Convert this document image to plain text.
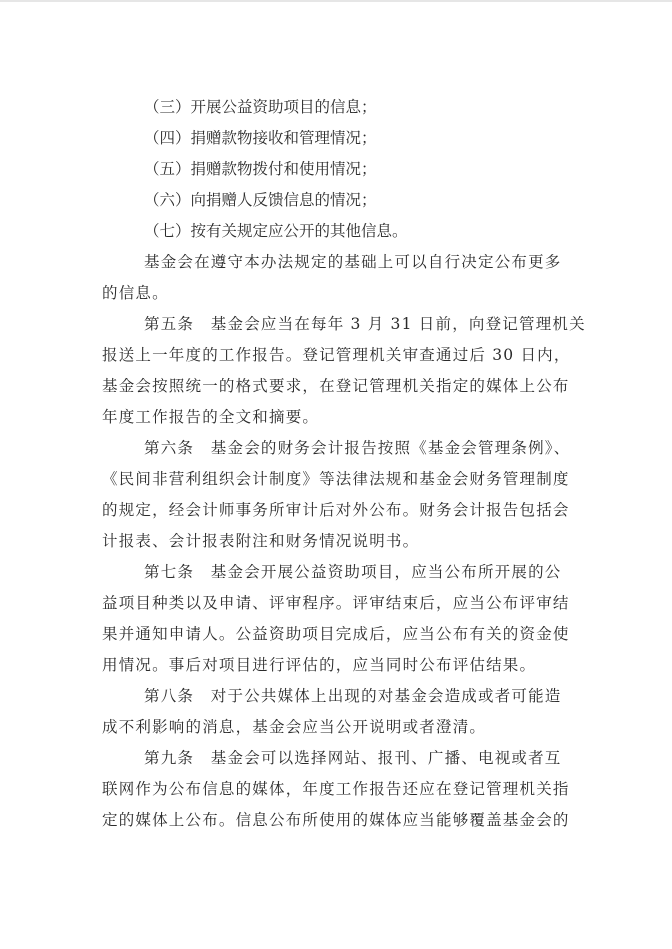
（三）开展公益资助项目的信息；
（四）捐赠款物接收和管理情况；
（五）捐赠款物拨付和使用情况；
（六）向捐赠人反馈信息的情况；
（七）按有关规定应公开的其他信息。
基金会在遵守本办法规定的基础上可以自行决定公布更多
的信息。
第五条　基金会应当在每年 3 月 31 日前，向登记管理机关
报送上一年度的工作报告。登记管理机关审查通过后 30 日内，
基金会按照统一的格式要求，在登记管理机关指定的媒体上公布
年度工作报告的全文和摘要。
第六条　基金会的财务会计报告按照《基金会管理条例》、
《民间非营利组织会计制度》等法律法规和基金会财务管理制度
的规定，经会计师事务所审计后对外公布。财务会计报告包括会
计报表、会计报表附注和财务情况说明书。
第七条　基金会开展公益资助项目，应当公布所开展的公
益项目种类以及申请、评审程序。评审结束后，应当公布评审结
果并通知申请人。公益资助项目完成后，应当公布有关的资金使
用情况。事后对项目进行评估的，应当同时公布评估结果。
第八条　对于公共媒体上出现的对基金会造成或者可能造
成不利影响的消息，基金会应当公开说明或者澄清。
第九条　基金会可以选择网站、报刊、广播、电视或者互
联网作为公布信息的媒体，年度工作报告还应在登记管理机关指
定的媒体上公布。信息公布所使用的媒体应当能够覆盖基金会的
